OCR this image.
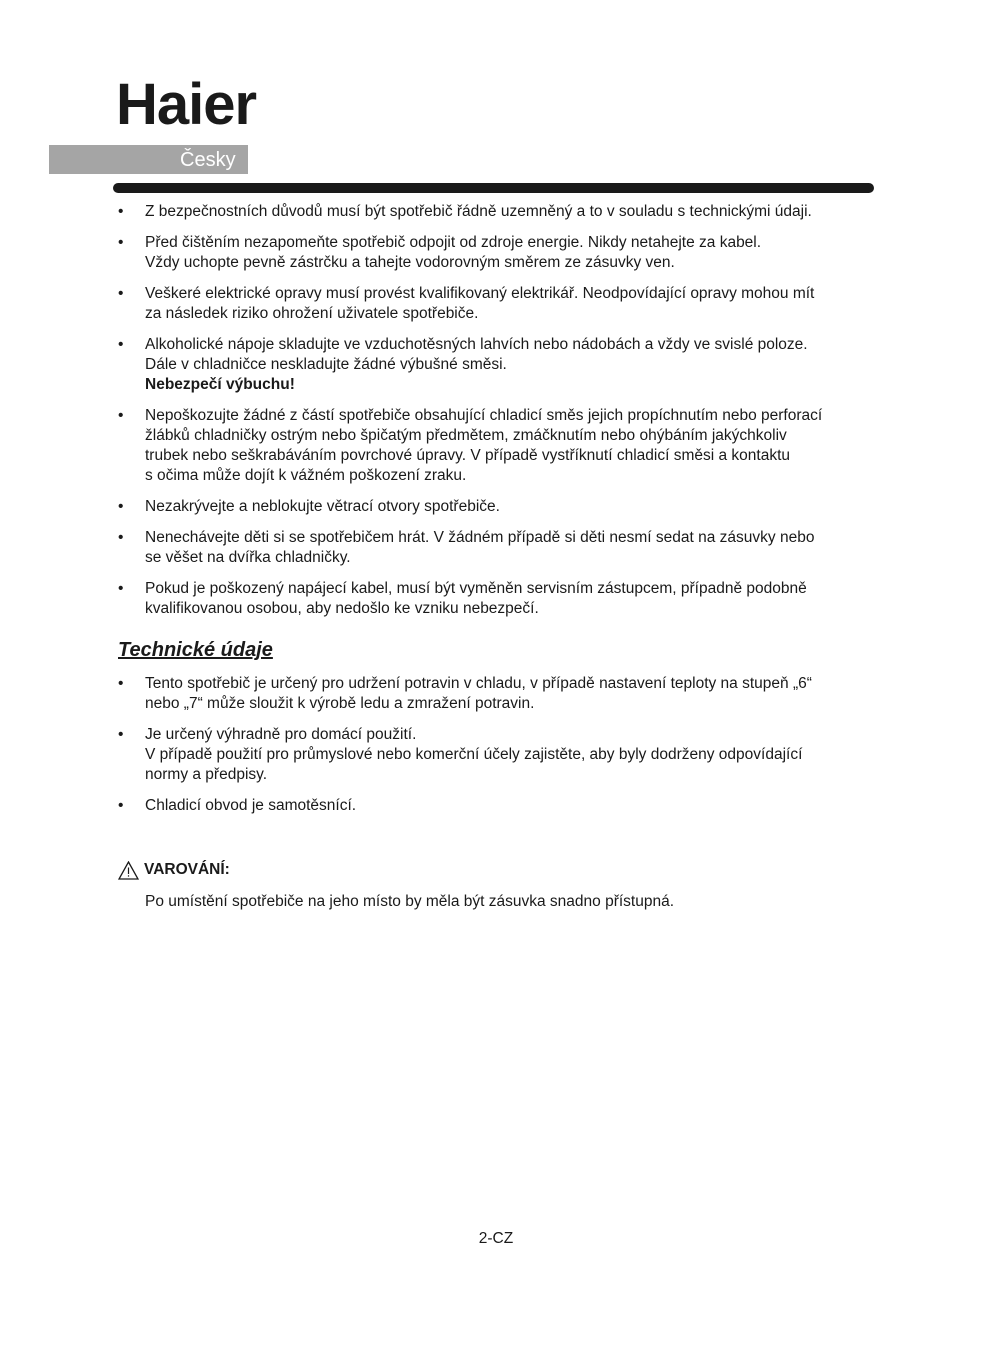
Haier
Česky
• Z bezpečnostních důvodů musí být spotřebič řádně uzemněný a to v souladu s technickými údaji.
• Před čištěním nezapomeňte spotřebič odpojit od zdroje energie. Nikdy netahejte za kabel.
Vždy uchopte pevně zástrčku a tahejte vodorovným směrem ze zásuvky ven.
• Veškeré elektrické opravy musí provést kvalifikovaný elektrikář. Neodpovídající opravy mohou mít
za následek riziko ohrožení uživatele spotřebiče.
• Alkoholické nápoje skladujte ve vzduchotěsných lahvích nebo nádobách a vždy ve svislé poloze.
Dále v chladničce neskladujte žádné výbušné směsi.
Nebezpečí výbuchu!
• Nepoškozujte žádné z částí spotřebiče obsahující chladicí směs jejich propíchnutím nebo perforací
žlábků chladničky ostrým nebo špičatým předmětem, zmáčknutím nebo ohýbáním jakýchkoliv
trubek nebo seškrabáváním povrchové úpravy. V případě vystříknutí chladicí směsi a kontaktu
s očima může dojít k vážném poškození zraku.
• Nezakrývejte a neblokujte větrací otvory spotřebiče.
• Nenechávejte děti si se spotřebičem hrát. V žádném případě si děti nesmí sedat na zásuvky nebo
se věšet na dvířka chladničky.
• Pokud je poškozený napájecí kabel, musí být vyměněn servisním zástupcem, případně podobně
kvalifikovanou osobou, aby nedošlo ke vzniku nebezpečí.
Technické údaje
• Tento spotřebič je určený pro udržení potravin v chladu, v případě nastavení teploty na stupeň „6“
nebo „7“ může sloužit k výrobě ledu a zmražení potravin.
• Je určený výhradně pro domácí použití.
V případě použití pro průmyslové nebo komerční účely zajistěte, aby byly dodrženy odpovídající
normy a předpisy.
• Chladicí obvod je samotěsnící.
VAROVÁNÍ:
Po umístění spotřebiče na jeho místo by měla být zásuvka snadno přístupná.
2-CZ
